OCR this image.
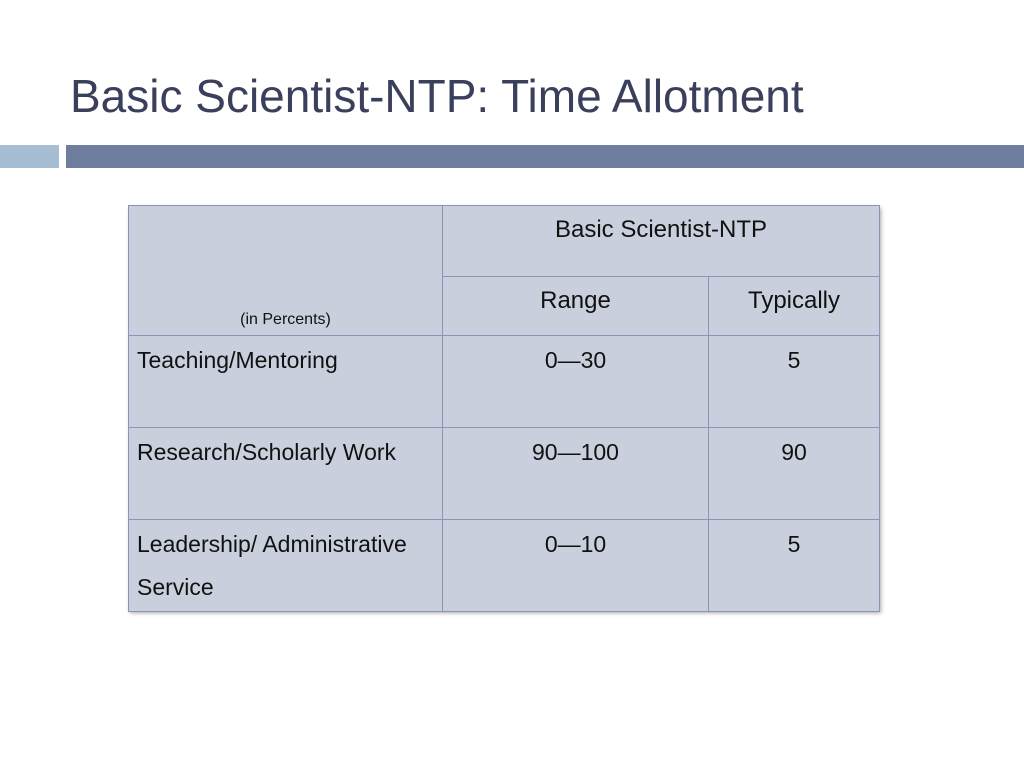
Basic Scientist-NTP: Time Allotment
(in Percents)	Basic Scientist-NTP	
	Range	Typically
Teaching/Mentoring	0—30	5
Research/Scholarly Work	90—100	90
Leadership/ Administrative Service	0—10	5
